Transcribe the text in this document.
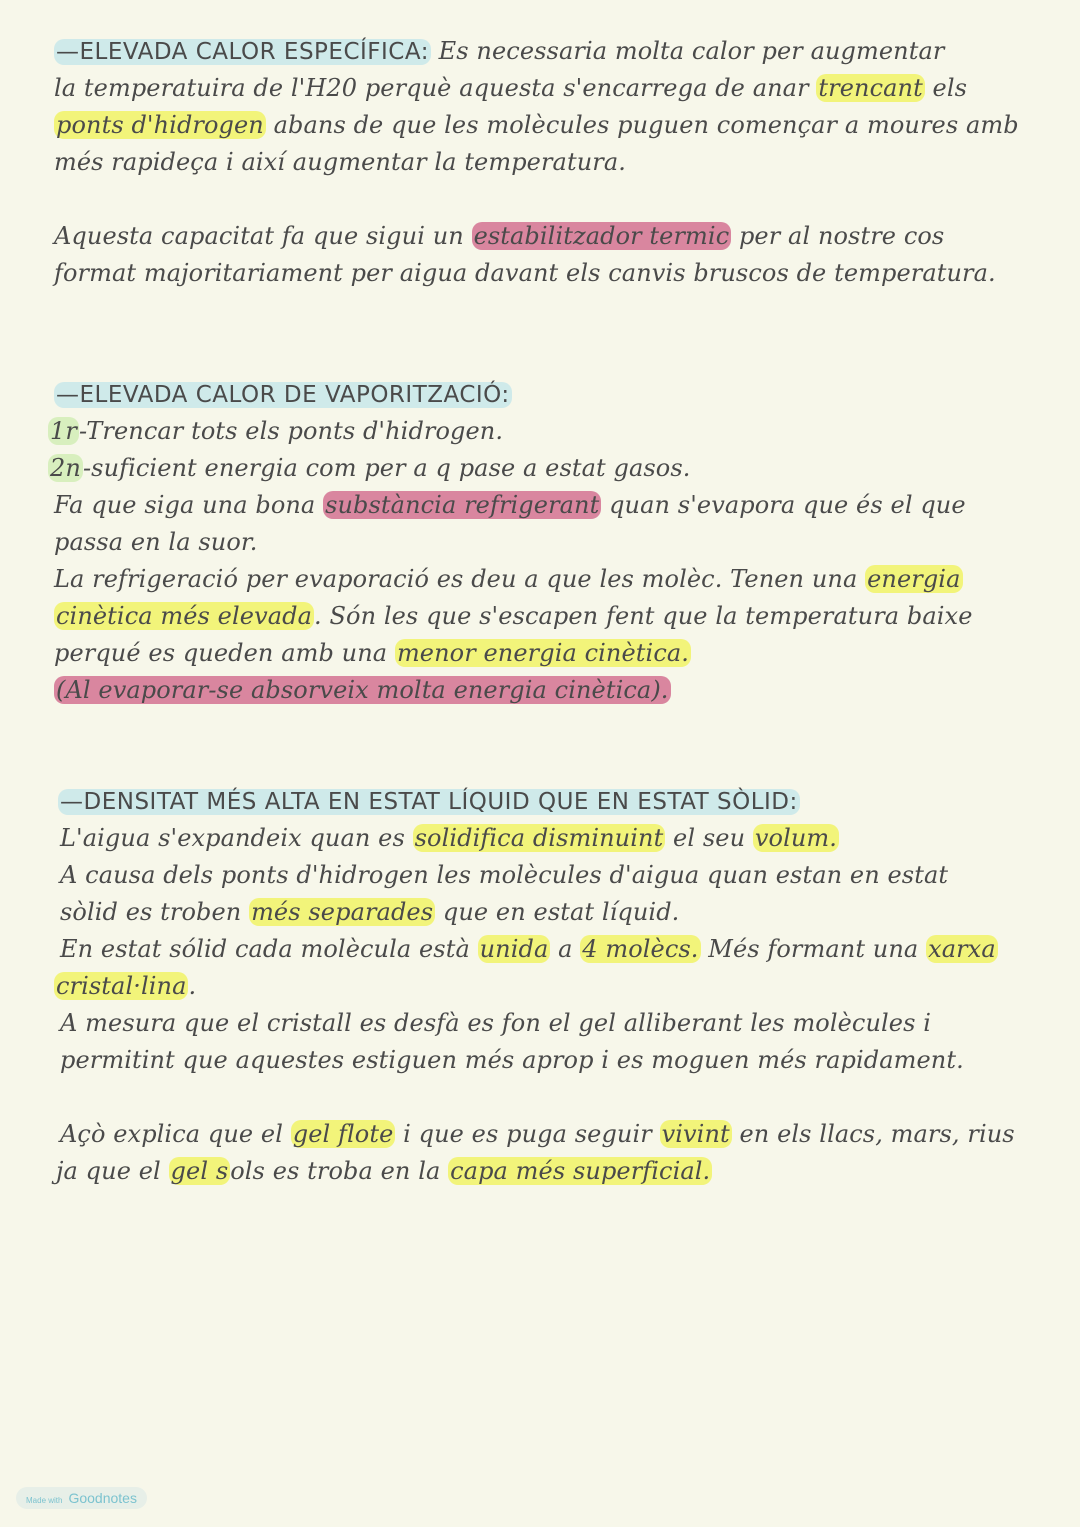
—ELEVADA CALOR ESPECÍFICA: Es necessaria molta calor per augmentar
la temperatuira de l'H20 perquè aquesta s'encarrega de anar trencant els
ponts d'hidrogen abans de que les molècules puguen començar a moures amb
més rapideça i així augmentar la temperatura.
Aquesta capacitat fa que sigui un estabilitzador termic per al nostre cos
format majoritariament per aigua davant els canvis bruscos de temperatura.
—ELEVADA CALOR DE VAPORITZACIÓ:
1r-Trencar tots els ponts d'hidrogen.
2n-suficient energia com per a q pase a estat gasos.
Fa que siga una bona substància refrigerant quan s'evapora que és el que
passa en la suor.
La refrigeració per evaporació es deu a que les molèc. Tenen una energia
cinètica més elevada. Són les que s'escapen fent que la temperatura baixe
perqué es queden amb una menor energia cinètica.
(Al evaporar-se absorveix molta energia cinètica).
—DENSITAT MÉS ALTA EN ESTAT LÍQUID QUE EN ESTAT SÒLID:
L'aigua s'expandeix quan es solidifica disminuint el seu volum.
A causa dels ponts d'hidrogen les molècules d'aigua quan estan en estat
sòlid es troben més separades que en estat líquid.
En estat sólid cada molècula està unida a 4 molècs. Més formant una xarxa
cristal·lina.
A mesura que el cristall es desfà es fon el gel alliberant les molècules i
permitint que aquestes estiguen més aprop i es moguen més rapidament.
Açò explica que el gel flote i que es puga seguir vivint en els llacs, mars, rius
ja que el gel sols es troba en la capa més superficial.
Made with Goodnotes
